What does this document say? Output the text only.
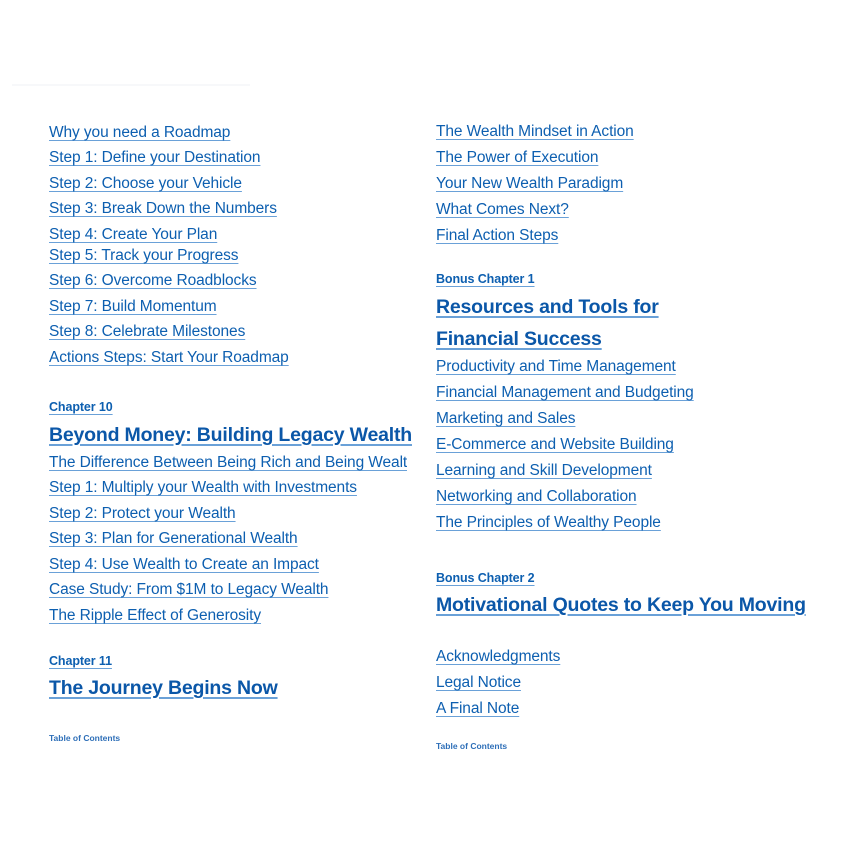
Why you need a Roadmap
Step 1: Define your Destination
Step 2: Choose your Vehicle
Step 3: Break Down the Numbers
Step 4: Create Your Plan
Step 5: Track your Progress
Step 6: Overcome Roadblocks
Step 7: Build Momentum
Step 8: Celebrate Milestones
Actions Steps: Start Your Roadmap
Chapter 10
Beyond Money: Building Legacy Wealth
The Difference Between Being Rich and Being Wealt
Step 1: Multiply your Wealth with Investments
Step 2: Protect your Wealth
Step 3: Plan for Generational Wealth
Step 4: Use Wealth to Create an Impact
Case Study: From $1M to Legacy Wealth
The Ripple Effect of Generosity
Chapter 11
The Journey Begins Now
Table of Contents
The Wealth Mindset in Action
The Power of Execution
Your New Wealth Paradigm
What Comes Next?
Final Action Steps
Bonus Chapter 1
Resources and Tools for
Financial Success
Productivity and Time Management
Financial Management and Budgeting
Marketing and Sales
E-Commerce and Website Building
Learning and Skill Development
Networking and Collaboration
The Principles of Wealthy People
Bonus Chapter 2
Motivational Quotes to Keep You Moving
Acknowledgments
Legal Notice
A Final Note
Table of Contents
